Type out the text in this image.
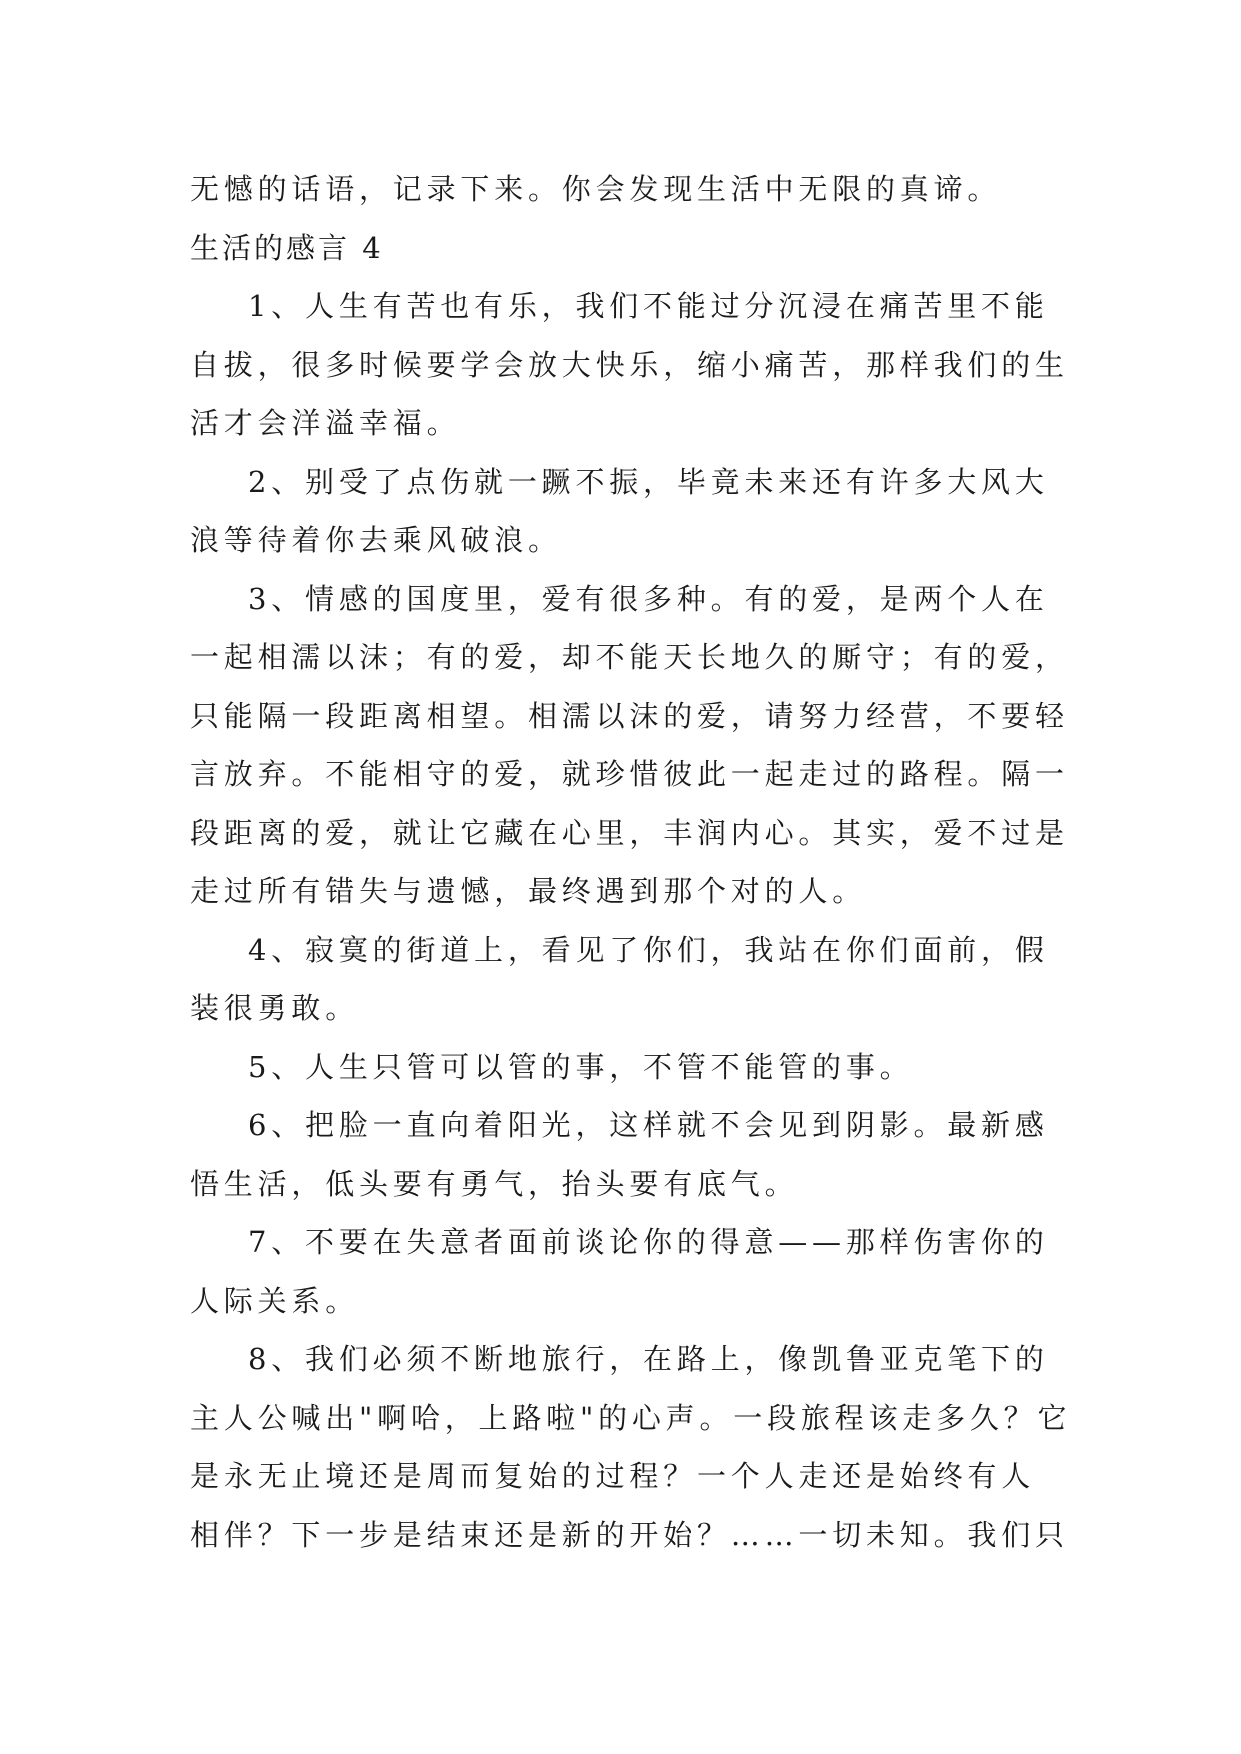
无憾的话语，记录下来。你会发现生活中无限的真谛。
生活的感言 4
1、人生有苦也有乐，我们不能过分沉浸在痛苦里不能
自拔，很多时候要学会放大快乐，缩小痛苦，那样我们的生
活才会洋溢幸福。
2、别受了点伤就一蹶不振，毕竟未来还有许多大风大
浪等待着你去乘风破浪。
3、情感的国度里，爱有很多种。有的爱，是两个人在
一起相濡以沫；有的爱，却不能天长地久的厮守；有的爱，
只能隔一段距离相望。相濡以沫的爱，请努力经营，不要轻
言放弃。不能相守的爱，就珍惜彼此一起走过的路程。隔一
段距离的爱，就让它藏在心里，丰润内心。其实，爱不过是
走过所有错失与遗憾，最终遇到那个对的人。
4、寂寞的街道上，看见了你们，我站在你们面前，假
装很勇敢。
5、人生只管可以管的事，不管不能管的事。
6、把脸一直向着阳光，这样就不会见到阴影。最新感
悟生活，低头要有勇气，抬头要有底气。
7、不要在失意者面前谈论你的得意——那样伤害你的
人际关系。
8、我们必须不断地旅行，在路上，像凯鲁亚克笔下的
主人公喊出"啊哈，上路啦"的心声。一段旅程该走多久？它
是永无止境还是周而复始的过程？一个人走还是始终有人
相伴？下一步是结束还是新的开始？……一切未知。我们只
